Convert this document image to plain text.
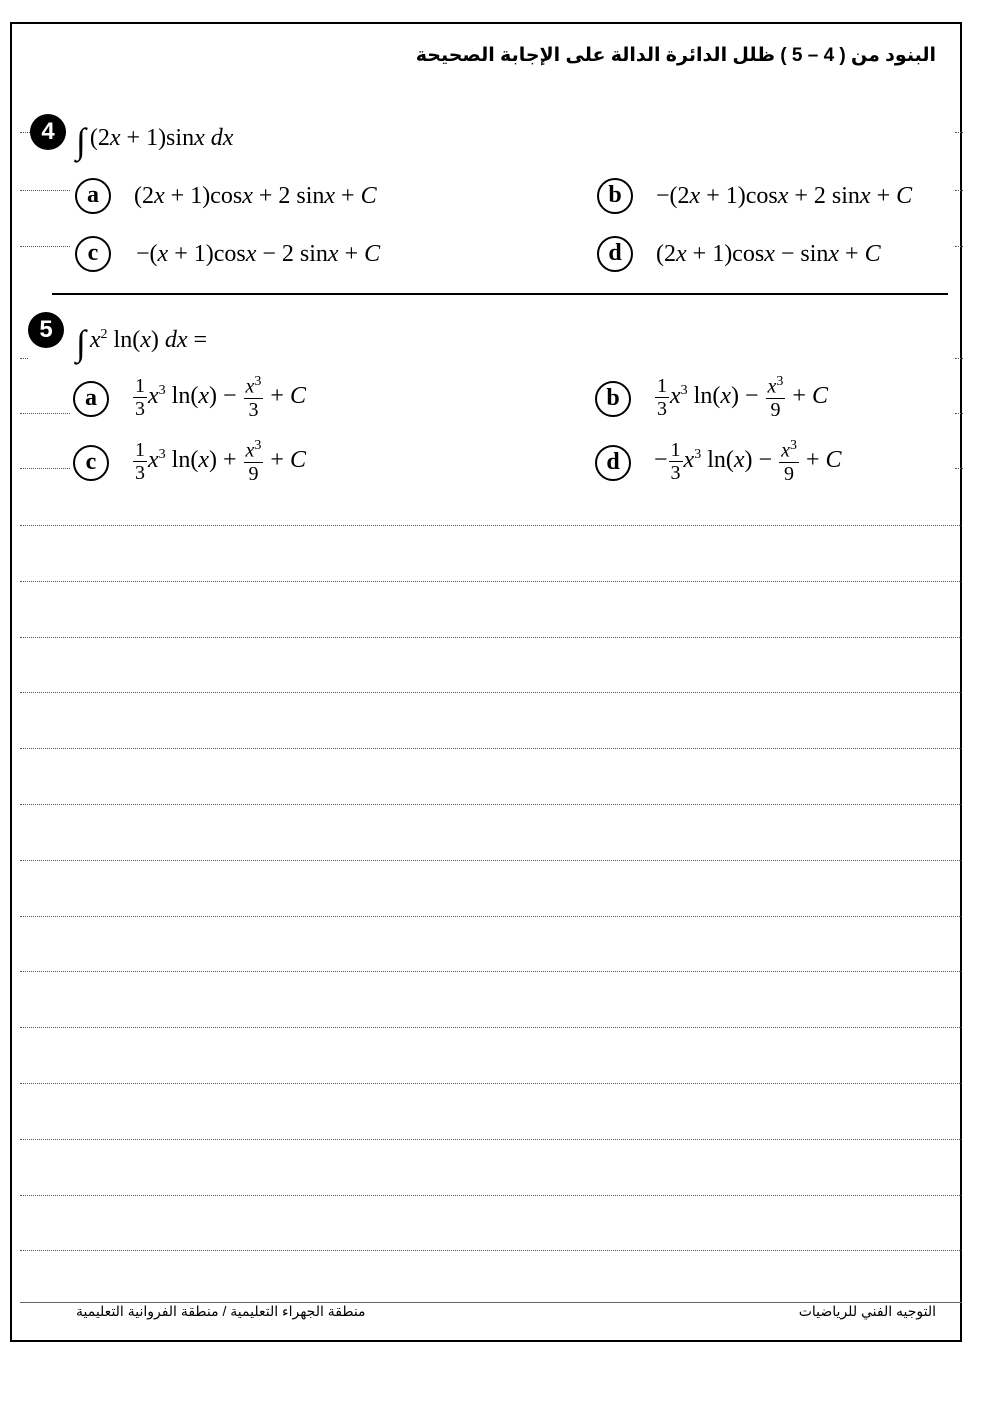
البنود من ( 4 – 5 ) ظلل الدائرة الدالة على الإجابة الصحيحة
4 ∫ (2x + 1)sinx dx
a	(2x + 1)cosx + 2 sinx + C	b	−(2x + 1)cosx + 2 sinx + C
c	−(x + 1)cosx − 2 sinx + C	d	(2x + 1)cosx − sinx + C
5 ∫ $x^2$ ln(x) dx =
a	$\frac{1}{3} x^3$ $\ln(x) - \frac{x^3}{3} + C$	b	$\frac{1}{3} x^3$ $\ln(x) - \frac{x^3}{9} + C$
c	$\frac{1}{3} x^3$ $\ln(x) + \frac{x^3}{9} + C$	d	− $\frac{1}{3} x^3$ $\ln(x) - \frac{x^3}{9} + C$
التوجيه الفني للرياضيات
منطقة الجهراء التعليمية / منطقة الفروانية التعليمية
